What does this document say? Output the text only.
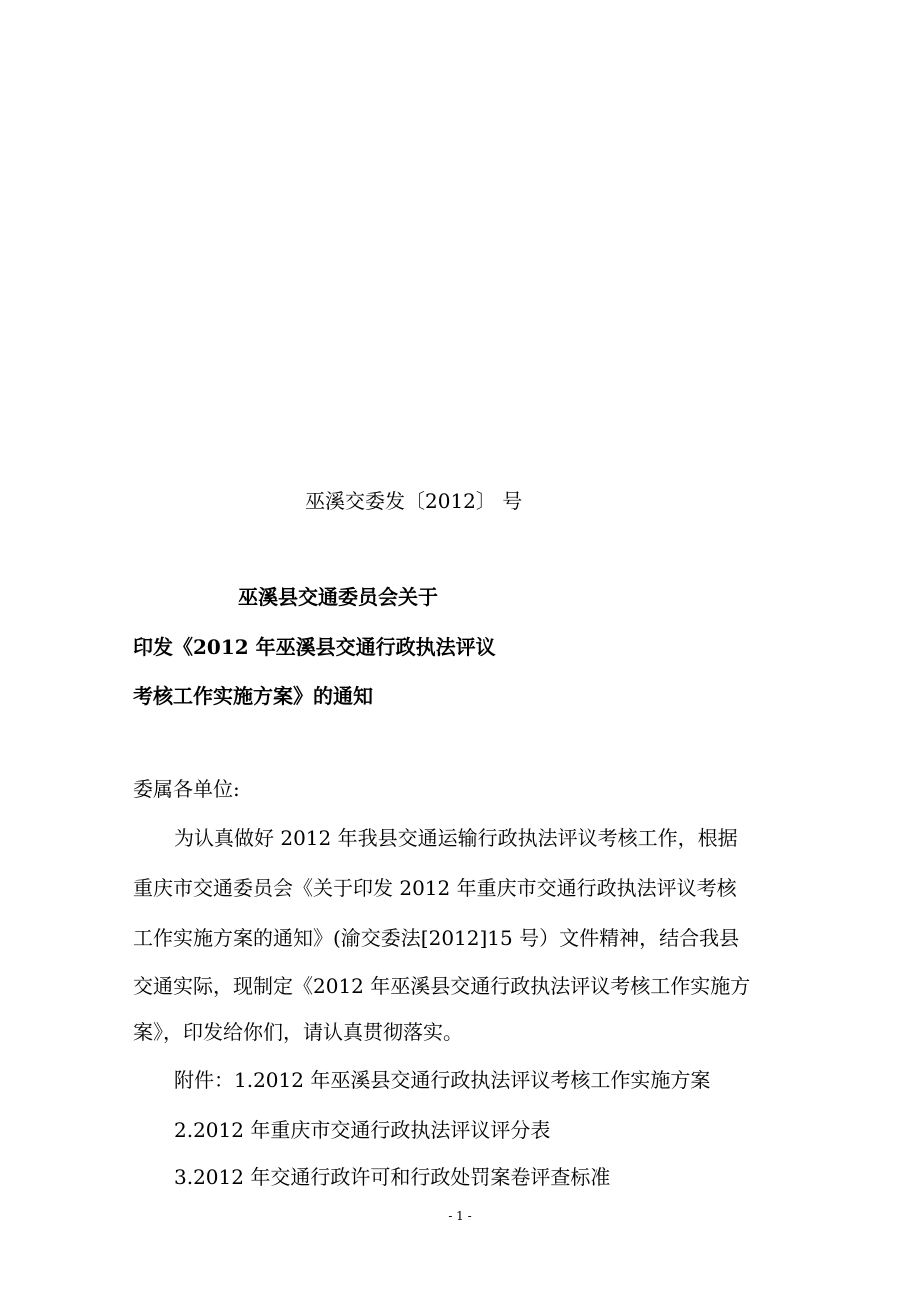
巫溪交委发〔2012〕 号
巫溪县交通委员会关于
印发《2012 年巫溪县交通行政执法评议
考核工作实施方案》的通知
委属各单位:
为认真做好 2012 年我县交通运输行政执法评议考核工作，根据
重庆市交通委员会《关于印发 2012 年重庆市交通行政执法评议考核
工作实施方案的通知》(渝交委法[2012]15 号）文件精神，结合我县
交通实际，现制定《2012 年巫溪县交通行政执法评议考核工作实施方
案》，印发给你们，请认真贯彻落实。
附件：1.2012 年巫溪县交通行政执法评议考核工作实施方案
2.2012 年重庆市交通行政执法评议评分表
3.2012 年交通行政许可和行政处罚案卷评查标准
- 1 -
